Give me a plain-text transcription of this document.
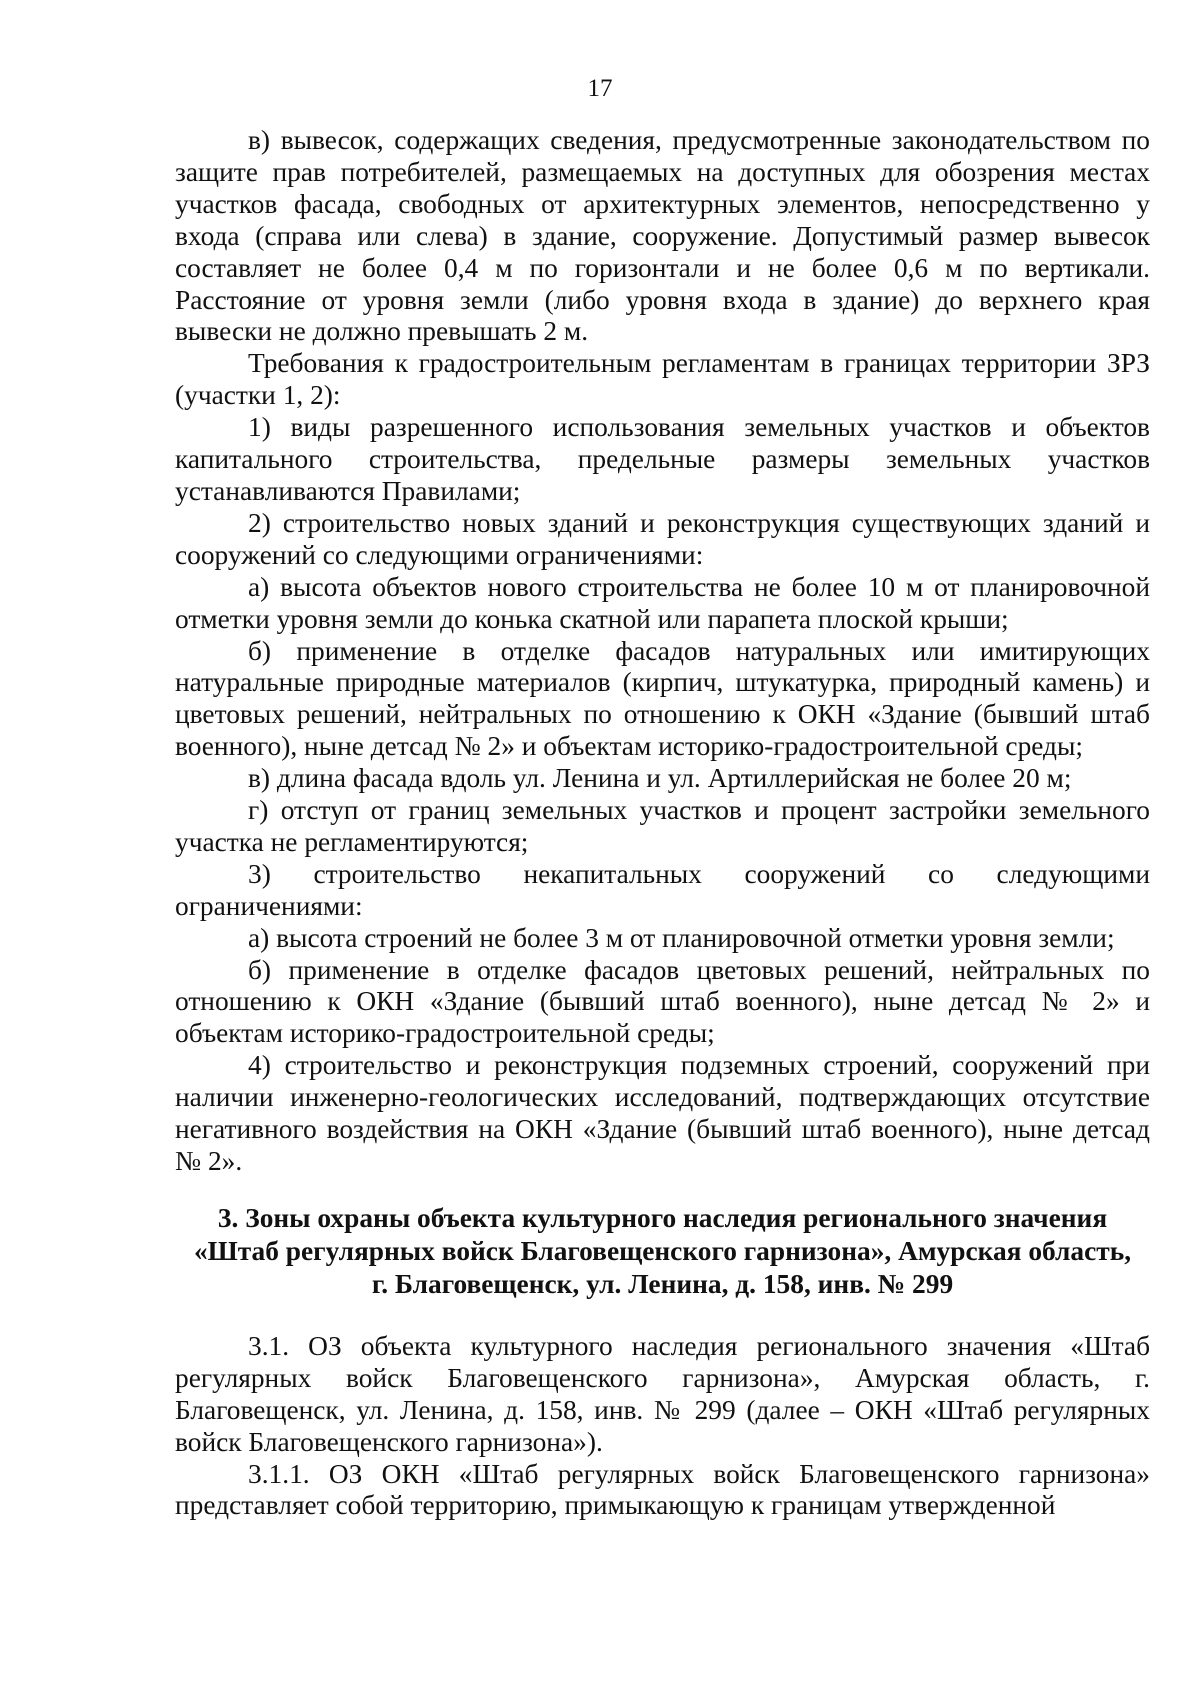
17

в) вывесок, содержащих сведения, предусмотренные законодательством по защите прав потребителей, размещаемых на доступных для обозрения местах участков фасада, свободных от архитектурных элементов, непосредственно у входа (справа или слева) в здание, сооружение. Допустимый размер вывесок составляет не более 0,4 м по горизонтали и не более 0,6 м по вертикали. Расстояние от уровня земли (либо уровня входа в здание) до верхнего края вывески не должно превышать 2 м.

Требования к градостроительным регламентам в границах территории ЗРЗ (участки 1, 2):

1) виды разрешенного использования земельных участков и объектов капитального строительства, предельные размеры земельных участков устанавливаются Правилами;

2) строительство новых зданий и реконструкция существующих зданий и сооружений со следующими ограничениями:

а) высота объектов нового строительства не более 10 м от планировочной отметки уровня земли до конька скатной или парапета плоской крыши;

б) применение в отделке фасадов натуральных или имитирующих натуральные природные материалов (кирпич, штукатурка, природный камень) и цветовых решений, нейтральных по отношению к ОКН «Здание (бывший штаб военного), ныне детсад № 2» и объектам историко-градостроительной среды;

в) длина фасада вдоль ул. Ленина и ул. Артиллерийская не более 20 м;

г) отступ от границ земельных участков и процент застройки земельного участка не регламентируются;

3) строительство некапитальных сооружений со следующими ограничениями:

а) высота строений не более 3 м от планировочной отметки уровня земли;

б) применение в отделке фасадов цветовых решений, нейтральных по отношению к ОКН «Здание (бывший штаб военного), ныне детсад № 2» и объектам историко-градостроительной среды;

4) строительство и реконструкция подземных строений, сооружений при наличии инженерно-геологических исследований, подтверждающих отсутствие негативного воздействия на ОКН «Здание (бывший штаб военного), ныне детсад № 2».

3. Зоны охраны объекта культурного наследия регионального значения
«Штаб регулярных войск Благовещенского гарнизона», Амурская область,
г. Благовещенск, ул. Ленина, д. 158, инв. № 299

3.1. ОЗ объекта культурного наследия регионального значения «Штаб регулярных войск Благовещенского гарнизона», Амурская область, г. Благовещенск, ул. Ленина, д. 158, инв. № 299 (далее – ОКН «Штаб регулярных войск Благовещенского гарнизона»).

3.1.1. ОЗ ОКН «Штаб регулярных войск Благовещенского гарнизона» представляет собой территорию, примыкающую к границам утвержденной
